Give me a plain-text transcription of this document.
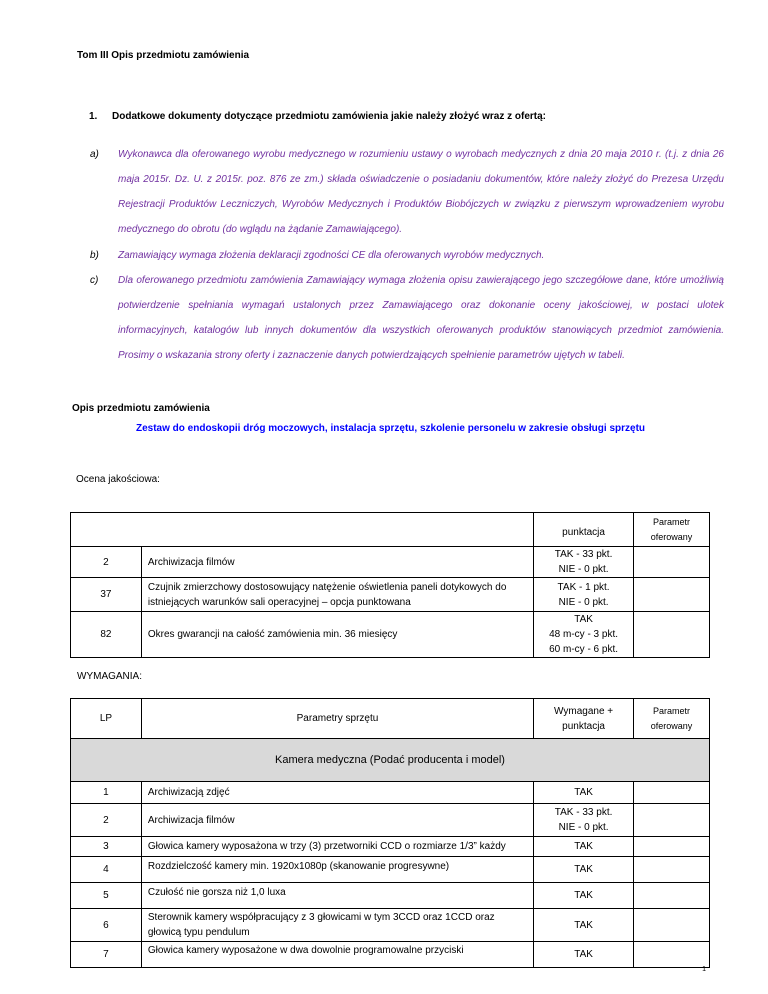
Tom III Opis przedmiotu zamówienia
1. Dodatkowe dokumenty dotyczące przedmiotu zamówienia jakie należy złożyć wraz z ofertą:
a) Wykonawca dla oferowanego wyrobu medycznego w rozumieniu ustawy o wyrobach medycznych z dnia 20 maja 2010 r. (t.j. z dnia 26 maja 2015r. Dz. U. z 2015r. poz. 876 ze zm.) składa oświadczenie o posiadaniu dokumentów, które należy złożyć do Prezesa Urzędu Rejestracji Produktów Leczniczych, Wyrobów Medycznych i Produktów Biobójczych w związku z pierwszym wprowadzeniem wyrobu medycznego do obrotu (do wglądu na żądanie Zamawiającego).
b) Zamawiający wymaga złożenia deklaracji zgodności CE dla oferowanych wyrobów medycznych.
c) Dla oferowanego przedmiotu zamówienia Zamawiający wymaga złożenia opisu zawierającego jego szczegółowe dane, które umożliwią potwierdzenie spełniania wymagań ustalonych przez Zamawiającego oraz dokonanie oceny jakościowej, w postaci ulotek informacyjnych, katalogów lub innych dokumentów dla wszystkich oferowanych produktów stanowiących przedmiot zamówienia. Prosimy o wskazania strony oferty i zaznaczenie danych potwierdzających spełnienie parametrów ujętych w tabeli.
Opis przedmiotu zamówienia
Zestaw do endoskopii dróg moczowych, instalacja sprzętu, szkolenie personelu w zakresie obsługi sprzętu
Ocena jakościowa:
		punktacja	Parametr oferowany
2	Archiwizacja filmów	TAK - 33 pkt.
NIE - 0 pkt.	

37	Czujnik zmierzchowy dostosowujący natężenie oświetlenia paneli dotykowych do istniejących warunków sali operacyjnej – opcja punktowana	TAK - 1 pkt.
NIE - 0 pkt.	

82	Okres gwarancji na całość zamówienia min. 36 miesięcy	TAK
48 m-cy - 3 pkt.
60 m-cy - 6 pkt.	

WYMAGANIA:
LP	Parametry sprzętu	Wymagane + punktacja	Parametr oferowany
Kamera medyczna (Podać producenta i model)			
1	Archiwizacją zdjęć	TAK	
2	Archiwizacja filmów	TAK - 33 pkt.
NIE - 0 pkt.	

3	Głowica kamery wyposażona w trzy (3) przetworniki CCD o rozmiarze 1/3” każdy	TAK	
4	Rozdzielczość kamery min. 1920x1080p (skanowanie progresywne)	TAK	
5	Czułość nie gorsza niż 1,0 luxa	TAK	
6	Sterownik kamery współpracujący z 3 głowicami w tym 3CCD oraz 1CCD oraz głowicą typu pendulum	TAK	
7	Głowica kamery wyposażone w dwa dowolnie programowalne przyciski	TAK	
1
